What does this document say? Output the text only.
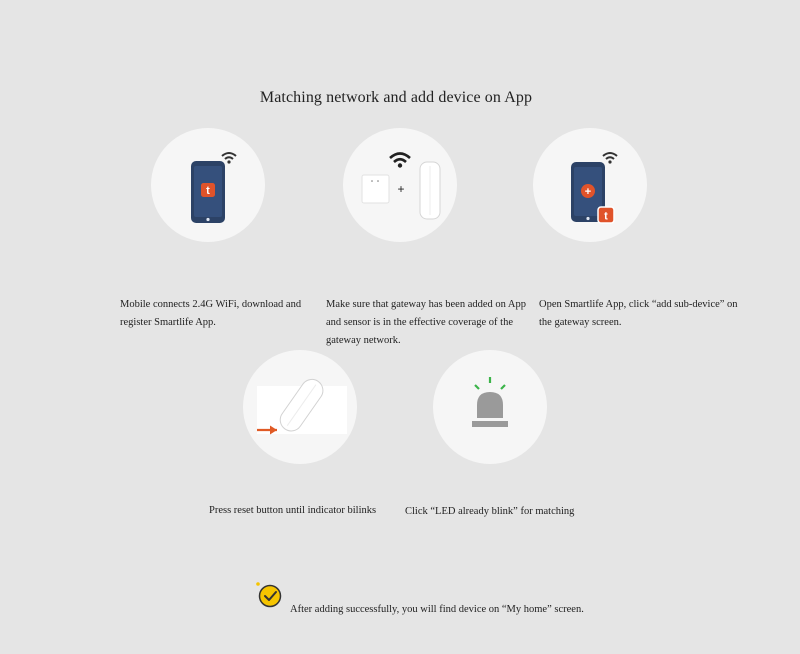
Matching network and add device on App
t	+	+
t
Mobile connects 2.4G WiFi, download and register Smartlife App.
Make sure that gateway has been added on App and sensor is in the effective coverage of the gateway network.
Open Smartlife App, click “add sub-device” on the gateway screen.
Press reset button until indicator bilinks	Click “LED already blink” for matching
After adding successfully, you will find device on “My home” screen.
